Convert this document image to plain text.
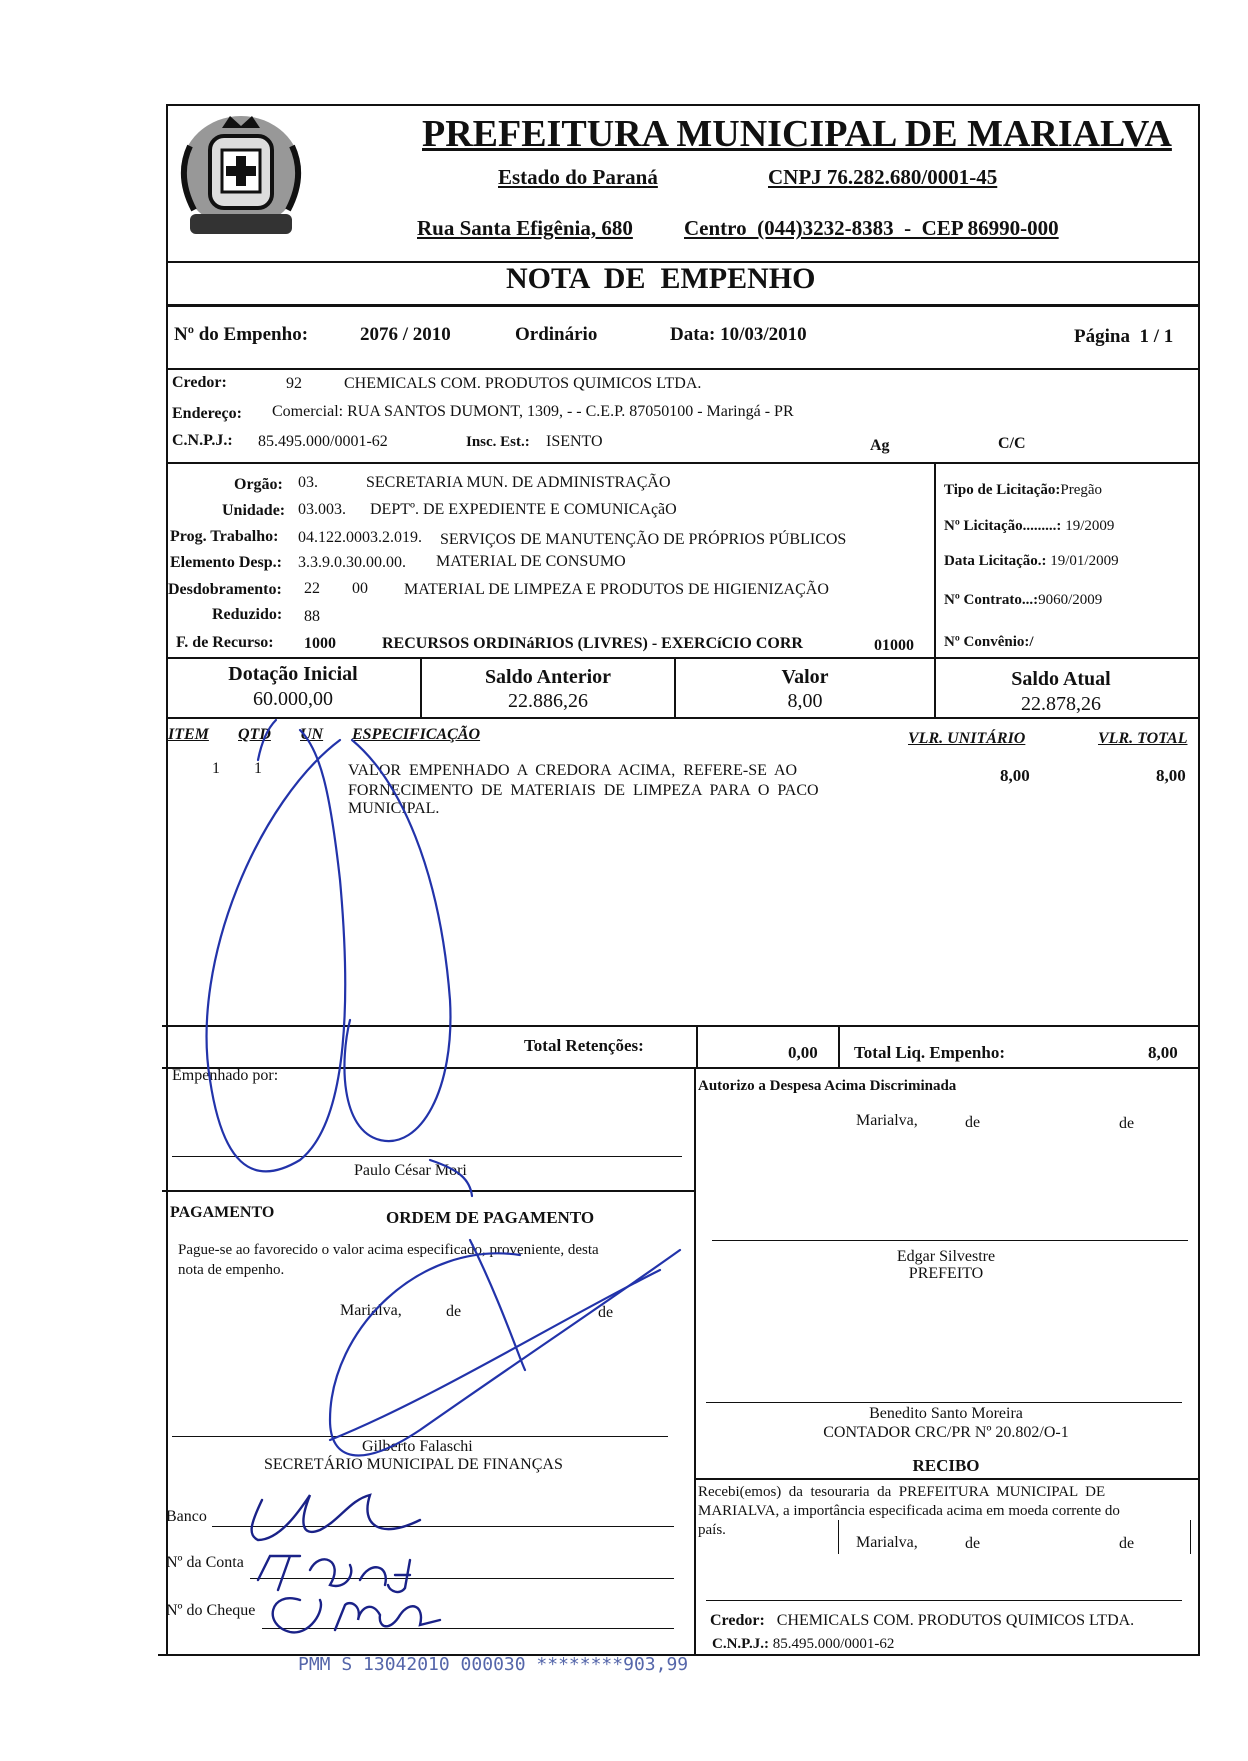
PREFEITURA MUNICIPAL DE MARIALVA
Estado do Paraná	CNPJ 76.282.680/0001-45
Rua Santa Efigênia, 680 Centro  (044)3232-8383  -  CEP 86990-000
NOTA  DE  EMPENHO
Nº do Empenho:	2076 / 2010	Ordinário	Data: 10/03/2010	Página  1 / 1
Credor:	92	CHEMICALS COM. PRODUTOS QUIMICOS LTDA.
Endereço: Comercial: RUA SANTOS DUMONT, 1309, - - C.E.P. 87050100 - Maringá - PR
C.N.P.J.: 85.495.000/0001-62	Insc. Est.: ISENTO	Ag	C/C
Orgão: 03.	SECRETARIA MUN. DE ADMINISTRAÇÃO
Unidade: 03.003. DEPTº. DE EXPEDIENTE E COMUNICAçãO
Prog. Trabalho: 04.122.0003.2.019. SERVIÇOS DE MANUTENÇÃO DE PRÓPRIOS PÚBLICOS
Elemento Desp.: 3.3.9.0.30.00.00. MATERIAL DE CONSUMO
Desdobramento: 22 00 MATERIAL DE LIMPEZA E PRODUTOS DE HIGIENIZAÇÃO
Reduzido: 88
F. de Recurso: 1000	RECURSOS ORDINáRIOS (LIVRES) - EXERCíCIO CORR	01000
Tipo de Licitação:Pregão
Nº Licitação.........: 19/2009
Data Licitação.: 19/01/2009
Nº Contrato...:9060/2009
Nº Convênio:/
Dotação Inicial
60.000,00
Saldo Anterior
22.886,26
Valor
8,00
Saldo Atual
22.878,26
ITEM QTD UN ESPECIFICAÇÃO	VLR. UNITÁRIO	VLR. TOTAL
1 1	VALOR  EMPENHADO  A  CREDORA  ACIMA,  REFERE-SE  AO
FORNECIMENTO  DE  MATERIAIS  DE  LIMPEZA  PARA  O  PACO
MUNICIPAL.
8,00	8,00
Total Retenções:	0,00 Total Liq. Empenho:	8,00
Empenhado por:
Paulo César Mori
Autorizo a Despesa Acima Discriminada
Marialva,	de	de
Edgar Silvestre
PREFEITO
PAGAMENTO	ORDEM DE PAGAMENTO
Pague-se ao favorecido o valor acima especificado, proveniente, desta
nota de empenho.
Marialva,	de	de
Gilberto Falaschi
SECRETÁRIO MUNICIPAL DE FINANÇAS
Banco
Nº da Conta
Nº do Cheque
Benedito Santo Moreira
CONTADOR CRC/PR Nº 20.802/O-1
RECIBO
Recebi(emos)  da  tesouraria  da  PREFEITURA  MUNICIPAL  DE
MARIALVA, a importância especificada acima em moeda corrente do
país.
Marialva,	de	de
Credor: CHEMICALS COM. PRODUTOS QUIMICOS LTDA.
C.N.P.J.: 85.495.000/0001-62
PMM S 13042010 000030 ********903,99
